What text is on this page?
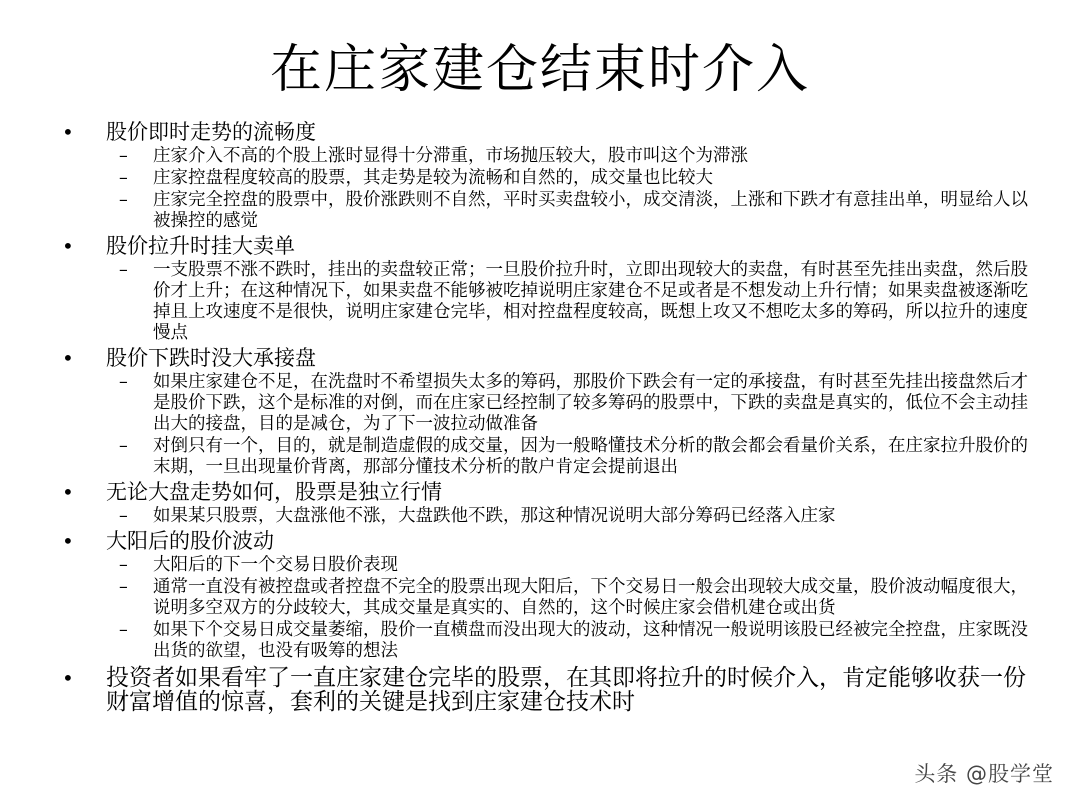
在庄家建仓结束时介入
• 股价即时走势的流畅度
– 庄家介入不高的个股上涨时显得十分滞重，市场抛压较大，股市叫这个为滞涨
– 庄家控盘程度较高的股票，其走势是较为流畅和自然的，成交量也比较大
– 庄家完全控盘的股票中，股价涨跌则不自然，平时买卖盘较小，成交清淡，上涨和下跌才有意挂出单，明显给人以被操控的感觉
• 股价拉升时挂大卖单
– 一支股票不涨不跌时，挂出的卖盘较正常；一旦股价拉升时，立即出现较大的卖盘，有时甚至先挂出卖盘，然后股价才上升；在这种情况下，如果卖盘不能够被吃掉说明庄家建仓不足或者是不想发动上升行情；如果卖盘被逐渐吃掉且上攻速度不是很快，说明庄家建仓完毕，相对控盘程度较高，既想上攻又不想吃太多的筹码，所以拉升的速度慢点
• 股价下跌时没大承接盘
– 如果庄家建仓不足，在洗盘时不希望损失太多的筹码，那股价下跌会有一定的承接盘，有时甚至先挂出接盘然后才是股价下跌，这个是标准的对倒，而在庄家已经控制了较多筹码的股票中，下跌的卖盘是真实的，低位不会主动挂出大的接盘，目的是减仓，为了下一波拉动做准备
– 对倒只有一个，目的，就是制造虚假的成交量，因为一般略懂技术分析的散会都会看量价关系，在庄家拉升股价的末期，一旦出现量价背离，那部分懂技术分析的散户肯定会提前退出
• 无论大盘走势如何，股票是独立行情
– 如果某只股票，大盘涨他不涨，大盘跌他不跌，那这种情况说明大部分筹码已经落入庄家
• 大阳后的股价波动
– 大阳后的下一个交易日股价表现
– 通常一直没有被控盘或者控盘不完全的股票出现大阳后，下个交易日一般会出现较大成交量，股价波动幅度很大，说明多空双方的分歧较大，其成交量是真实的、自然的，这个时候庄家会借机建仓或出货
– 如果下个交易日成交量萎缩，股价一直横盘而没出现大的波动，这种情况一般说明该股已经被完全控盘，庄家既没出货的欲望，也没有吸筹的想法
• 投资者如果看牢了一直庄家建仓完毕的股票，在其即将拉升的时候介入，肯定能够收获一份财富增值的惊喜，套利的关键是找到庄家建仓技术时
头条 @股学堂
